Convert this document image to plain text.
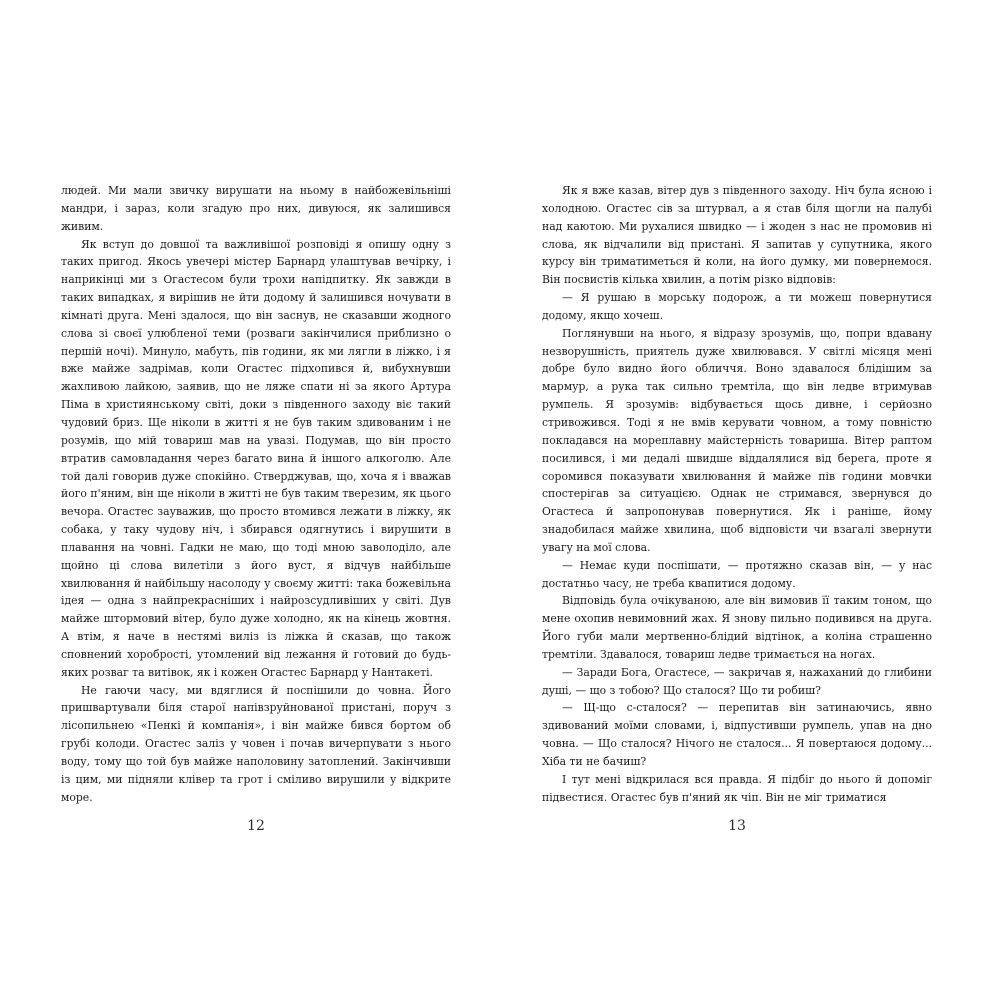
людей. Ми мали звичку вирушати на ньому в найбожевільніші мандри, і зараз, коли згадую про них, дивуюся, як залишився живим.

Як вступ до довшої та важливішої розповіді я опишу одну з таких пригод. Якось увечері містер Барнард улаштував вечірку, і наприкінці ми з Огастесом були трохи напідпитку. Як завжди в таких випадках, я вирішив не йти додому й залишився ночувати в кімнаті друга. Мені здалося, що він заснув, не сказавши жодного слова зі своєї улюбленої теми (розваги закінчилися приблизно о першій ночі). Минуло, мабуть, пів години, як ми лягли в ліжко, і я вже майже задрімав, коли Огастес підхопився й, вибухнувши жахливою лайкою, заявив, що не ляже спати ні за якого Артура Піма в християнському світі, доки з південного заходу віє такий чудовий бриз. Ще ніколи в житті я не був таким здивованим і не розумів, що мій товариш мав на увазі. Подумав, що він просто втратив самовладання через багато вина й іншого алкоголю. Але той далі говорив дуже спокійно. Стверджував, що, хоча я і вважав його п'яним, він ще ніколи в житті не був таким тверезим, як цього вечора. Огастес зауважив, що просто втомився лежати в ліжку, як собака, у таку чудову ніч, і збирався одягнутись і вирушити в плавання на човні. Гадки не маю, що тоді мною заволоділо, але щойно ці слова вилетіли з його вуст, я відчув найбільше хвилювання й найбільшу насолоду у своєму житті: така божевільна ідея — одна з найпрекрасніших і найрозсудливіших у світі. Дув майже штормовий вітер, було дуже холодно, як на кінець жовтня. А втім, я наче в нестямі виліз із ліжка й сказав, що також сповнений хоробрості, утомлений від лежання й готовий до будь-яких розваг та витівок, як і кожен Огастес Барнард у Нантакеті.

Не гаючи часу, ми вдяглися й поспішили до човна. Його пришвартували біля старої напівзруйнованої пристані, поруч з лісопильнею «Пенкі й компанія», і він майже бився бортом об грубі колоди. Огастес заліз у човен і почав вичерпувати з нього воду, тому що той був майже наполовину затоплений. Закінчивши із цим, ми підняли клівер та грот і сміливо вирушили у відкрите море.

12

Як я вже казав, вітер дув з південного заходу. Ніч була ясною і холодною. Огастес сів за штурвал, а я став біля щогли на палубі над каютою. Ми рухалися швидко — і жоден з нас не промовив ні слова, як відчалили від пристані. Я запитав у супутника, якого курсу він триматиметься й коли, на його думку, ми повернемося. Він посвистів кілька хвилин, а потім різко відповів:

— Я рушаю в морську подорож, а ти можеш повернутися додому, якщо хочеш.

Поглянувши на нього, я відразу зрозумів, що, попри вдавану незворушність, приятель дуже хвилювався. У світлі місяця мені добре було видно його обличчя. Воно здавалося блідішим за мармур, а рука так сильно тремтіла, що він ледве втримував румпель. Я зрозумів: відбувається щось дивне, і серйозно стривожився. Тоді я не вмів керувати човном, а тому повністю покладався на мореплавну майстерність товариша. Вітер раптом посилився, і ми дедалі швидше віддалялися від берега, проте я соромився показувати хвилювання й майже пів години мовчки спостерігав за ситуацією. Однак не стримався, звернувся до Огастеса й запропонував повернутися. Як і раніше, йому знадобилася майже хвилина, щоб відповісти чи взагалі звернути увагу на мої слова.

— Немає куди поспішати, — протяжно сказав він, — у нас достатньо часу, не треба квапитися додому.

Відповідь була очікуваною, але він вимовив її таким тоном, що мене охопив невимовний жах. Я знову пильно подивився на друга. Його губи мали мертвенно-блідий відтінок, а коліна страшенно тремтіли. Здавалося, товариш ледве тримається на ногах.

— Заради Бога, Огастесе, — закричав я, нажаханий до глибини душі, — що з тобою? Що сталося? Що ти робиш?

— Щ-що с-сталося? — перепитав він затинаючись, явно здивований моїми словами, і, відпустивши румпель, упав на дно човна. — Що сталося? Нічого не сталося... Я повертаюся додому... Хіба ти не бачиш?

І тут мені відкрилася вся правда. Я підбіг до нього й допоміг підвестися. Огастес був п'яний як чіп. Він не міг триматися

13
